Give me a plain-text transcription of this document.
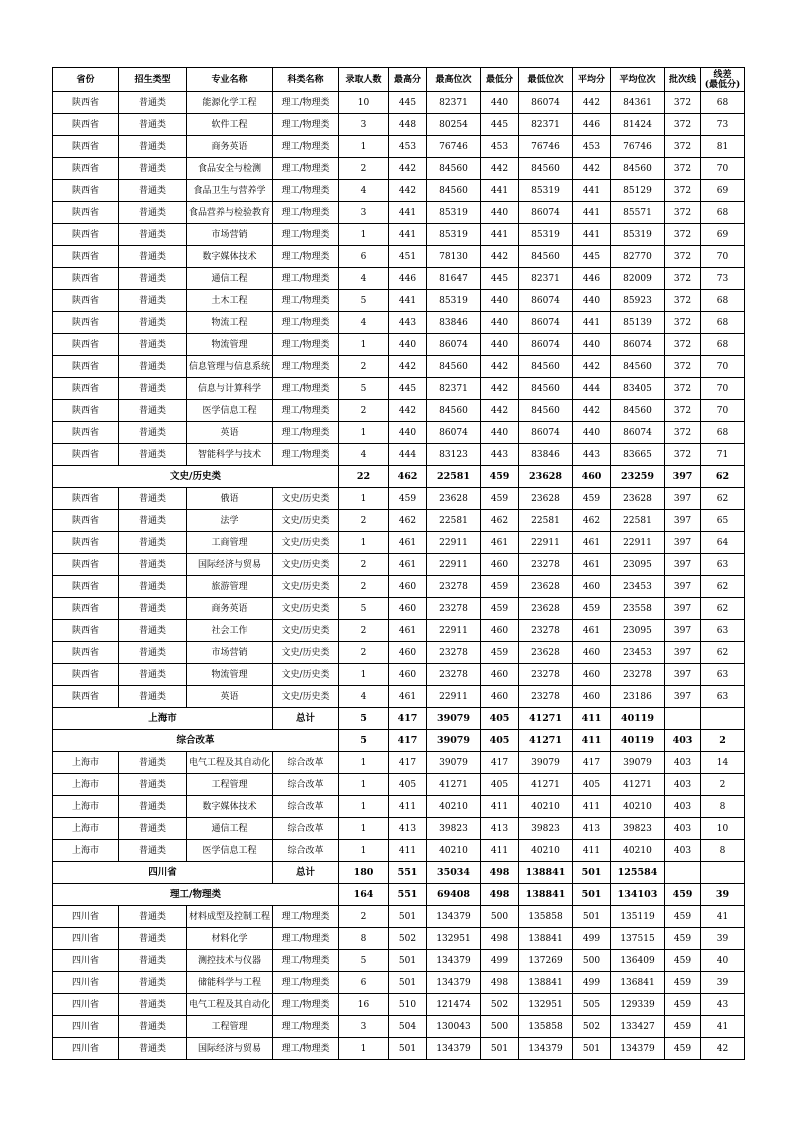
省份	招生类型	专业名称	科类名称	录取人数	最高分	最高位次	最低分	最低位次	平均分	平均位次	批次线	线差
(最低分)
陕西省	普通类	能源化学工程	理工/物理类	10	445	82371	440	86074	442	84361	372	68
陕西省	普通类	软件工程	理工/物理类	3	448	80254	445	82371	446	81424	372	73
陕西省	普通类	商务英语	理工/物理类	1	453	76746	453	76746	453	76746	372	81
陕西省	普通类	食品安全与检测	理工/物理类	2	442	84560	442	84560	442	84560	372	70
陕西省	普通类	食品卫生与营养学	理工/物理类	4	442	84560	441	85319	441	85129	372	69
陕西省	普通类	食品营养与检验教育	理工/物理类	3	441	85319	440	86074	441	85571	372	68
陕西省	普通类	市场营销	理工/物理类	1	441	85319	441	85319	441	85319	372	69
陕西省	普通类	数字媒体技术	理工/物理类	6	451	78130	442	84560	445	82770	372	70
陕西省	普通类	通信工程	理工/物理类	4	446	81647	445	82371	446	82009	372	73
陕西省	普通类	土木工程	理工/物理类	5	441	85319	440	86074	440	85923	372	68
陕西省	普通类	物流工程	理工/物理类	4	443	83846	440	86074	441	85139	372	68
陕西省	普通类	物流管理	理工/物理类	1	440	86074	440	86074	440	86074	372	68
陕西省	普通类	信息管理与信息系统	理工/物理类	2	442	84560	442	84560	442	84560	372	70
陕西省	普通类	信息与计算科学	理工/物理类	5	445	82371	442	84560	444	83405	372	70
陕西省	普通类	医学信息工程	理工/物理类	2	442	84560	442	84560	442	84560	372	70
陕西省	普通类	英语	理工/物理类	1	440	86074	440	86074	440	86074	372	68
陕西省	普通类	智能科学与技术	理工/物理类	4	444	83123	443	83846	443	83665	372	71
文史/历史类				22	462	22581	459	23628	460	23259	397	62
陕西省	普通类	俄语	文史/历史类	1	459	23628	459	23628	459	23628	397	62
陕西省	普通类	法学	文史/历史类	2	462	22581	462	22581	462	22581	397	65
陕西省	普通类	工商管理	文史/历史类	1	461	22911	461	22911	461	22911	397	64
陕西省	普通类	国际经济与贸易	文史/历史类	2	461	22911	460	23278	461	23095	397	63
陕西省	普通类	旅游管理	文史/历史类	2	460	23278	459	23628	460	23453	397	62
陕西省	普通类	商务英语	文史/历史类	5	460	23278	459	23628	459	23558	397	62
陕西省	普通类	社会工作	文史/历史类	2	461	22911	460	23278	461	23095	397	63
陕西省	普通类	市场营销	文史/历史类	2	460	23278	459	23628	460	23453	397	62
陕西省	普通类	物流管理	文史/历史类	1	460	23278	460	23278	460	23278	397	63
陕西省	普通类	英语	文史/历史类	4	461	22911	460	23278	460	23186	397	63
上海市			总计	5	417	39079	405	41271	411	40119		
综合改革				5	417	39079	405	41271	411	40119	403	2
上海市	普通类	电气工程及其自动化	综合改革	1	417	39079	417	39079	417	39079	403	14
上海市	普通类	工程管理	综合改革	1	405	41271	405	41271	405	41271	403	2
上海市	普通类	数字媒体技术	综合改革	1	411	40210	411	40210	411	40210	403	8
上海市	普通类	通信工程	综合改革	1	413	39823	413	39823	413	39823	403	10
上海市	普通类	医学信息工程	综合改革	1	411	40210	411	40210	411	40210	403	8
四川省			总计	180	551	35034	498	138841	501	125584		
理工/物理类				164	551	69408	498	138841	501	134103	459	39
四川省	普通类	材料成型及控制工程	理工/物理类	2	501	134379	500	135858	501	135119	459	41
四川省	普通类	材料化学	理工/物理类	8	502	132951	498	138841	499	137515	459	39
四川省	普通类	测控技术与仪器	理工/物理类	5	501	134379	499	137269	500	136409	459	40
四川省	普通类	储能科学与工程	理工/物理类	6	501	134379	498	138841	499	136841	459	39
四川省	普通类	电气工程及其自动化	理工/物理类	16	510	121474	502	132951	505	129339	459	43
四川省	普通类	工程管理	理工/物理类	3	504	130043	500	135858	502	133427	459	41
四川省	普通类	国际经济与贸易	理工/物理类	1	501	134379	501	134379	501	134379	459	42
